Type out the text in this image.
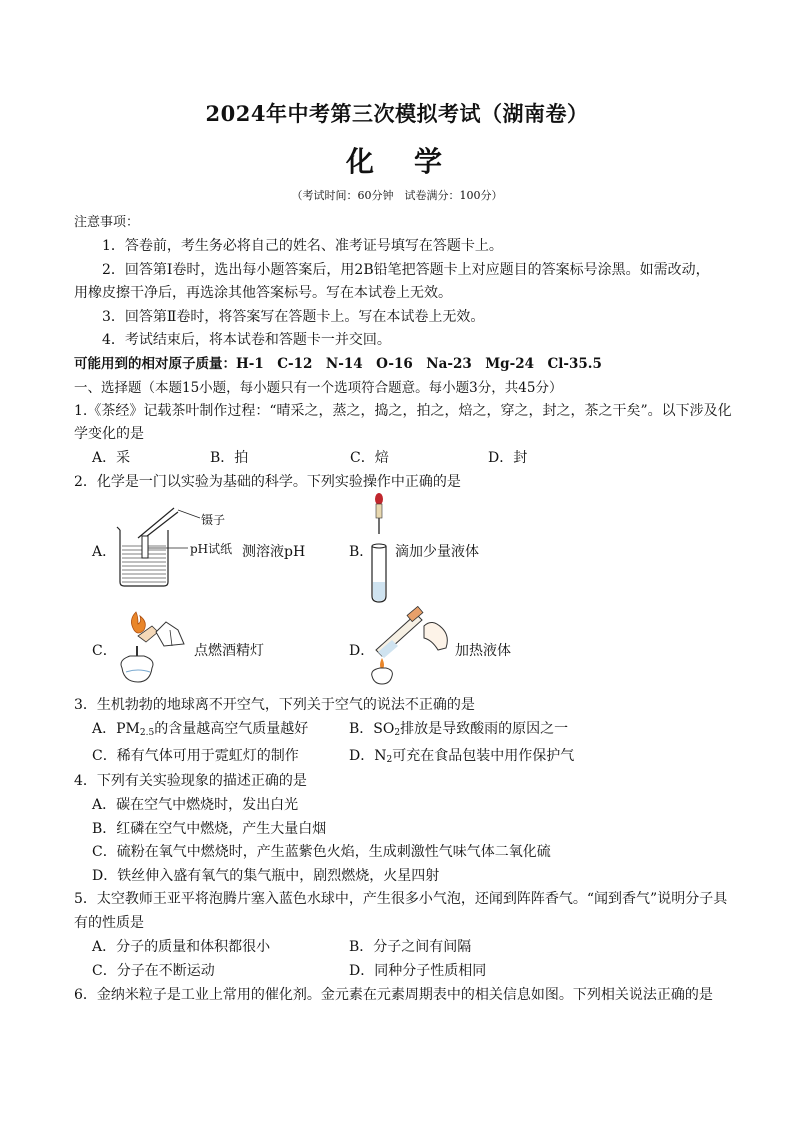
2024年中考第三次模拟考试（湖南卷）
化　学
（考试时间：60分钟　试卷满分：100分）
注意事项：
1．答卷前，考生务必将自己的姓名、准考证号填写在答题卡上。
2．回答第Ⅰ卷时，选出每小题答案后，用2B铅笔把答题卡上对应题目的答案标号涂黑。如需改动，
用橡皮擦干净后，再选涂其他答案标号。写在本试卷上无效。
3．回答第Ⅱ卷时，将答案写在答题卡上。写在本试卷上无效。
4．考试结束后，将本试卷和答题卡一并交回。
可能用到的相对原子质量：H-1　C-12　N-14　O-16　Na-23　Mg-24　Cl-35.5
一、选择题（本题15小题，每小题只有一个选项符合题意。每小题3分，共45分）
1.《茶经》记载茶叶制作过程：“晴采之，蒸之，捣之，拍之，焙之，穿之，封之，茶之干矣”。以下涉及化
学变化的是
A．采	B．拍	C．焙	D．封
2．化学是一门以实验为基础的科学。下列实验操作中正确的是
A．
镊子
pH试纸 测溶液pH	B． 滴加少量液体
C．	点燃酒精灯	D．	加热液体
3．生机勃勃的地球离不开空气，下列关于空气的说法不正确的是
A．$PM_{2.5}$的含量越高空气质量越好	B．$SO_2$排放是导致酸雨的原因之一
C．稀有气体可用于霓虹灯的制作	D．$N_2$可充在食品包装中用作保护气
4．下列有关实验现象的描述正确的是
A．碳在空气中燃烧时，发出白光
B．红磷在空气中燃烧，产生大量白烟
C．硫粉在氧气中燃烧时，产生蓝紫色火焰，生成刺激性气味气体二氧化硫
D．铁丝伸入盛有氧气的集气瓶中，剧烈燃烧，火星四射
5．太空教师王亚平将泡腾片塞入蓝色水球中，产生很多小气泡，还闻到阵阵香气。“闻到香气”说明分子具
有的性质是
A．分子的质量和体积都很小	B．分子之间有间隔
C．分子在不断运动	D．同种分子性质相同
6．金纳米粒子是工业上常用的催化剂。金元素在元素周期表中的相关信息如图。下列相关说法正确的是
